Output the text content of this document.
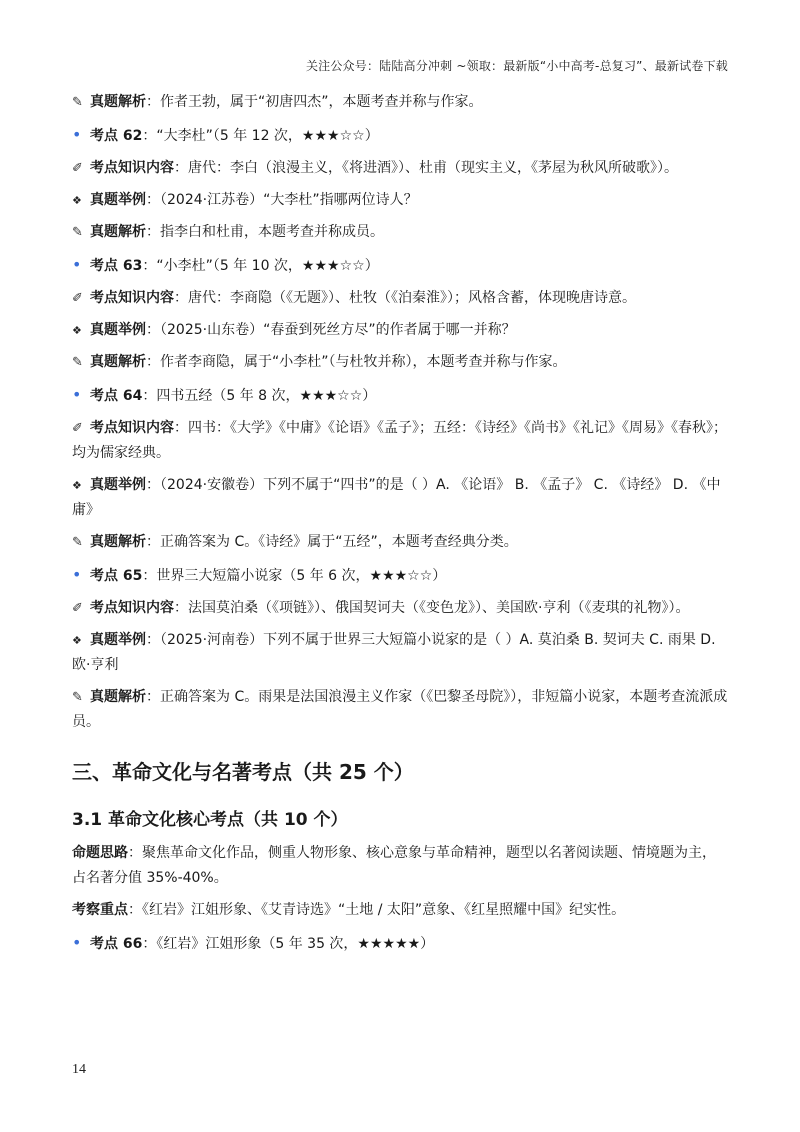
关注公众号：陆陆高分冲刺 ~领取：最新版“小中高考-总复习”、最新试卷下载
✎ 真题解析：作者王勃，属于“初唐四杰”，本题考查并称与作家。
• 考点 62：“大李杜”（5 年 12 次，★★★☆☆）
✐ 考点知识内容：唐代：李白（浪漫主义，《将进酒》）、杜甫（现实主义，《茅屋为秋风所破歌》）。
❖ 真题举例：（2024·江苏卷）“大李杜”指哪两位诗人？
✎ 真题解析：指李白和杜甫，本题考查并称成员。
• 考点 63：“小李杜”（5 年 10 次，★★★☆☆）
✐ 考点知识内容：唐代：李商隐（《无题》）、杜牧（《泊秦淮》）；风格含蓄，体现晚唐诗意。
❖ 真题举例：（2025·山东卷）“春蚕到死丝方尽”的作者属于哪一并称？
✎ 真题解析：作者李商隐，属于“小李杜”（与杜牧并称），本题考查并称与作家。
• 考点 64：四书五经（5 年 8 次，★★★☆☆）
✐ 考点知识内容：四书：《大学》《中庸》《论语》《孟子》；五经：《诗经》《尚书》《礼记》《周易》《春秋》；均为儒家经典。
❖ 真题举例：（2024·安徽卷）下列不属于“四书”的是（ ）A. 《论语》 B. 《孟子》 C. 《诗经》 D. 《中庸》
✎ 真题解析：正确答案为 C。《诗经》属于“五经”，本题考查经典分类。
• 考点 65：世界三大短篇小说家（5 年 6 次，★★★☆☆）
✐ 考点知识内容：法国莫泊桑（《项链》）、俄国契诃夫（《变色龙》）、美国欧·亨利（《麦琪的礼物》）。
❖ 真题举例：（2025·河南卷）下列不属于世界三大短篇小说家的是（ ）A. 莫泊桑 B. 契诃夫 C. 雨果 D. 欧·亨利
✎ 真题解析：正确答案为 C。雨果是法国浪漫主义作家（《巴黎圣母院》），非短篇小说家，本题考查流派成员。
三、革命文化与名著考点（共 25 个）
3.1 革命文化核心考点（共 10 个）
命题思路：聚焦革命文化作品，侧重人物形象、核心意象与革命精神，题型以名著阅读题、情境题为主，占名著分值 35%-40%。
考察重点：《红岩》江姐形象、《艾青诗选》“土地 / 太阳”意象、《红星照耀中国》纪实性。
• 考点 66：《红岩》江姐形象（5 年 35 次，★★★★★）
14
